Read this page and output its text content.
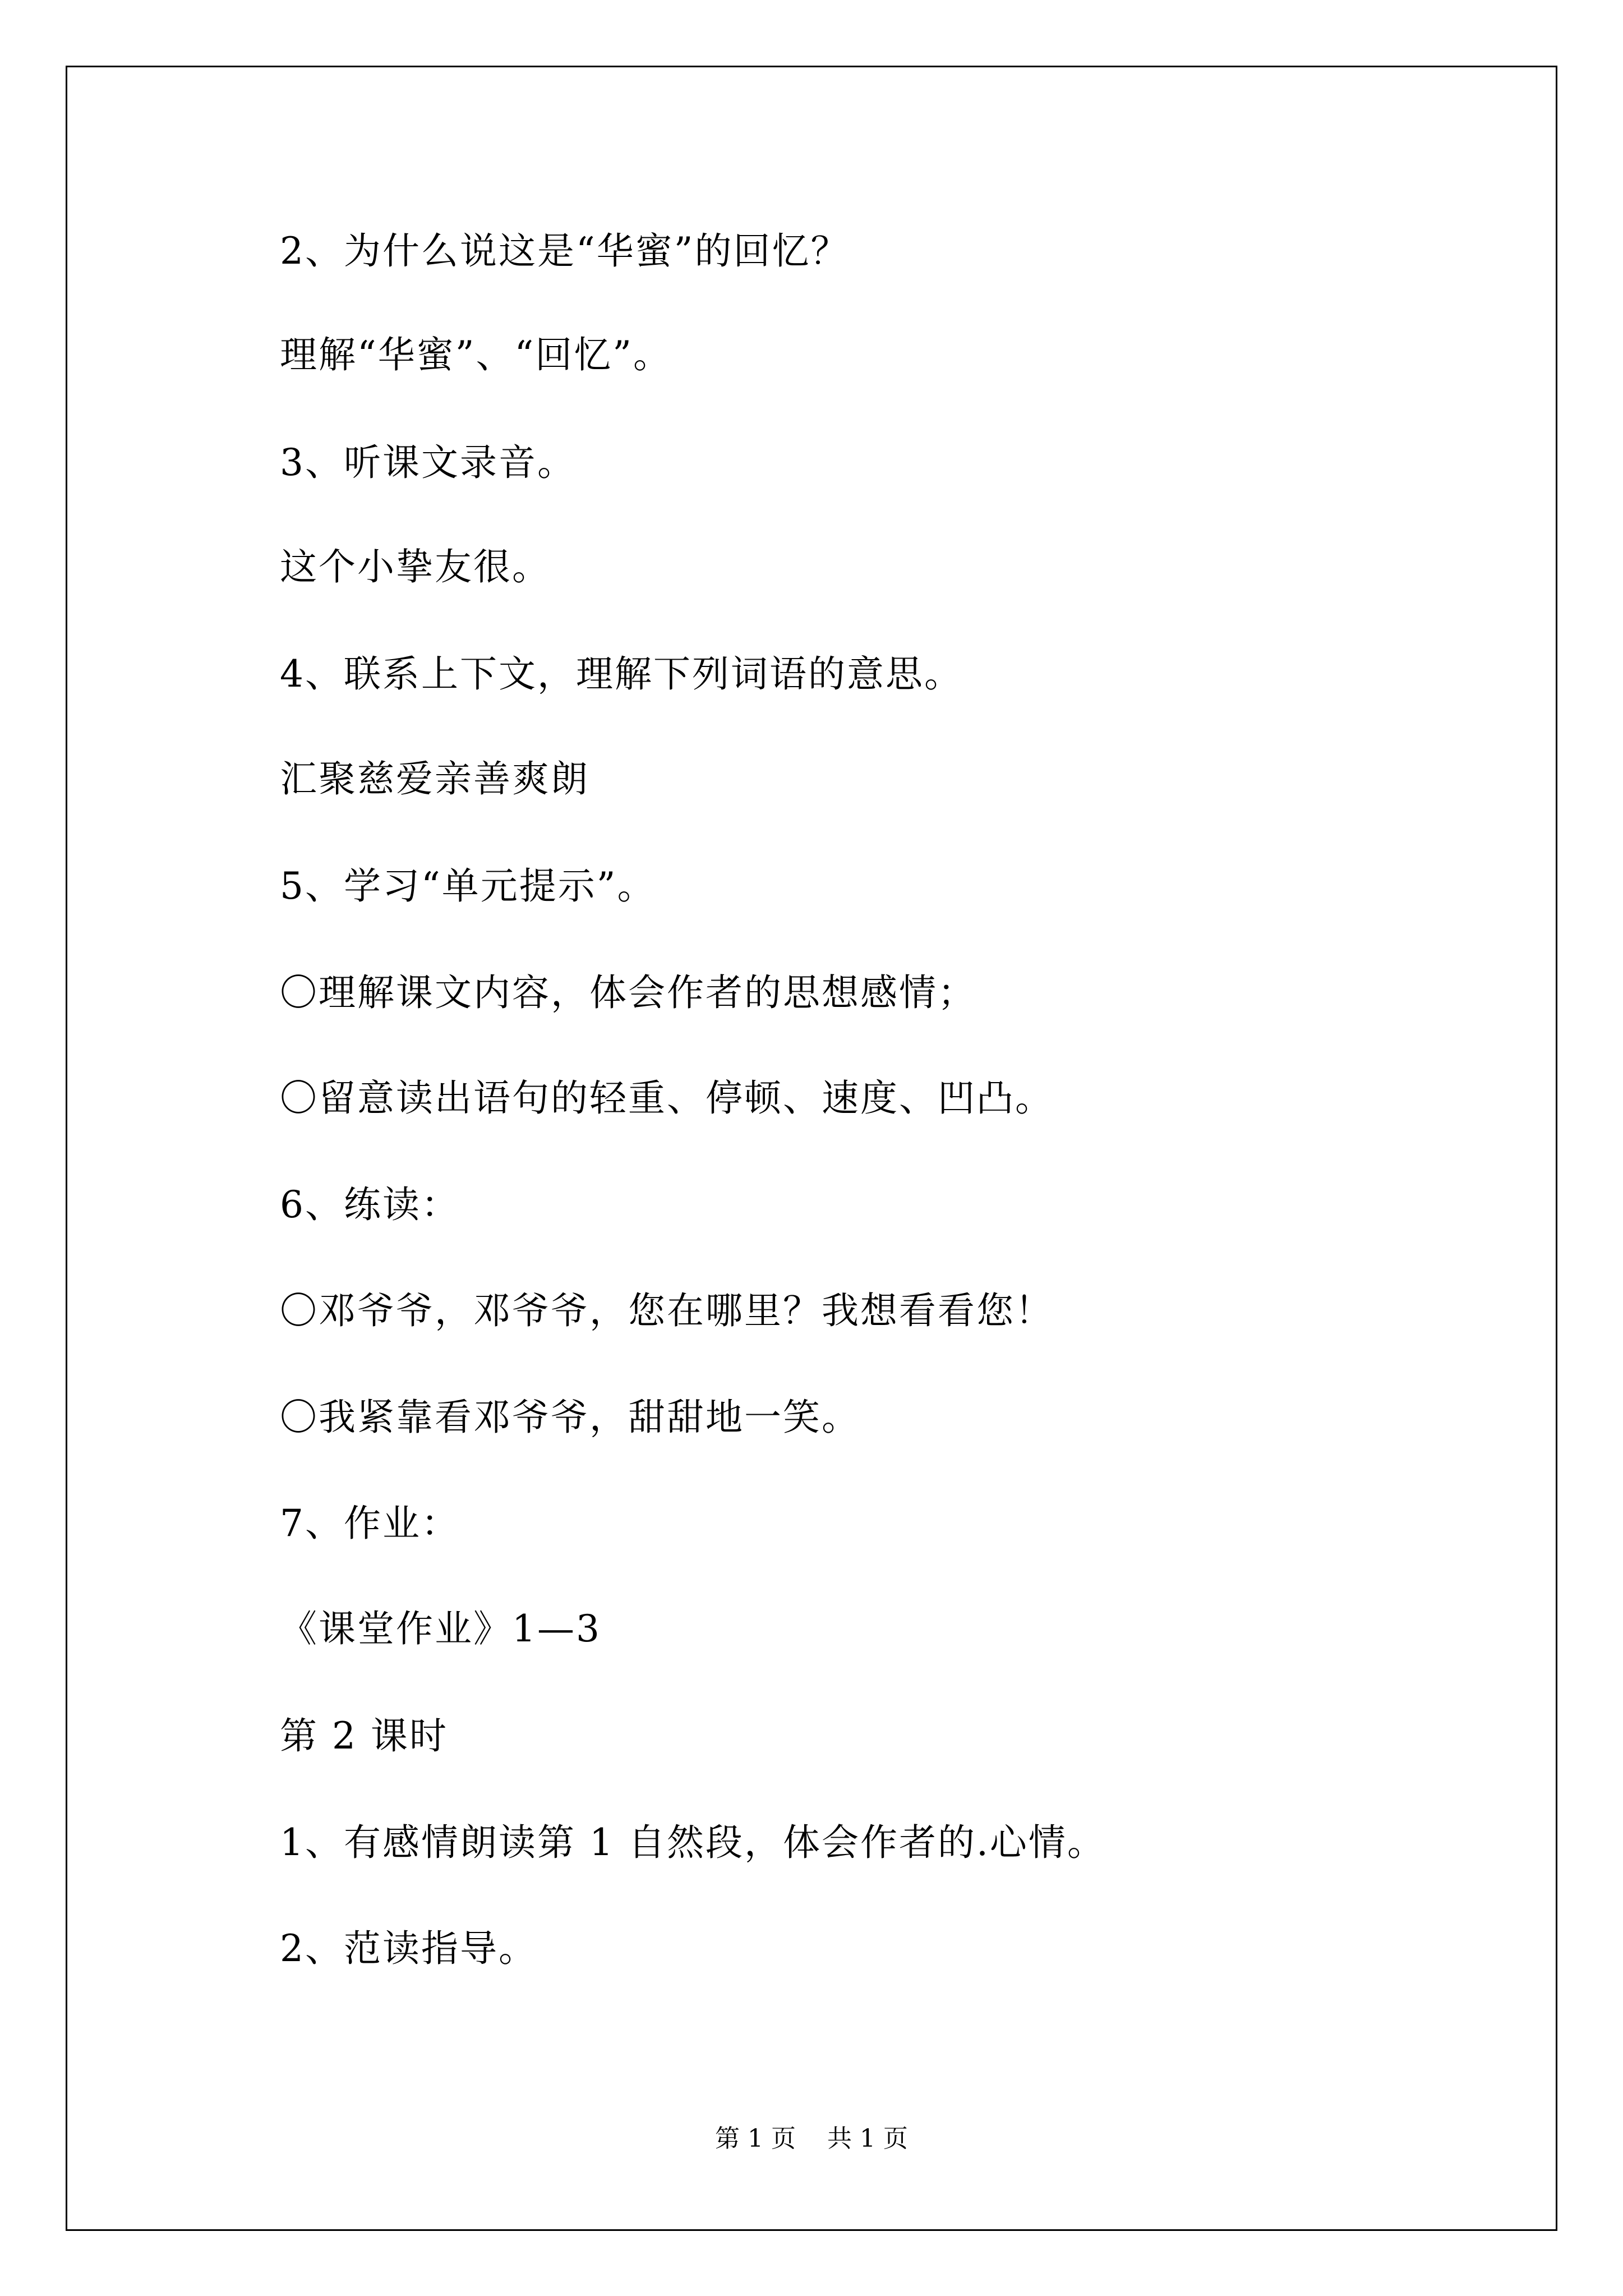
2、为什么说这是“华蜜”的回忆？
理解“华蜜”、“回忆”。
3、听课文录音。
这个小挚友很。
4、联系上下文，理解下列词语的意思。
汇聚慈爱亲善爽朗
5、学习“单元提示”。
〇理解课文内容，体会作者的思想感情；
〇留意读出语句的轻重、停顿、速度、凹凸。
6、练读：
〇邓爷爷，邓爷爷，您在哪里？我想看看您！
〇我紧靠看邓爷爷，甜甜地一笑。
7、作业：
《课堂作业》1—3
第 2 课时
1、有感情朗读第 1 自然段，体会作者的.心情。
2、范读指导。
第 1 页    共 1 页
